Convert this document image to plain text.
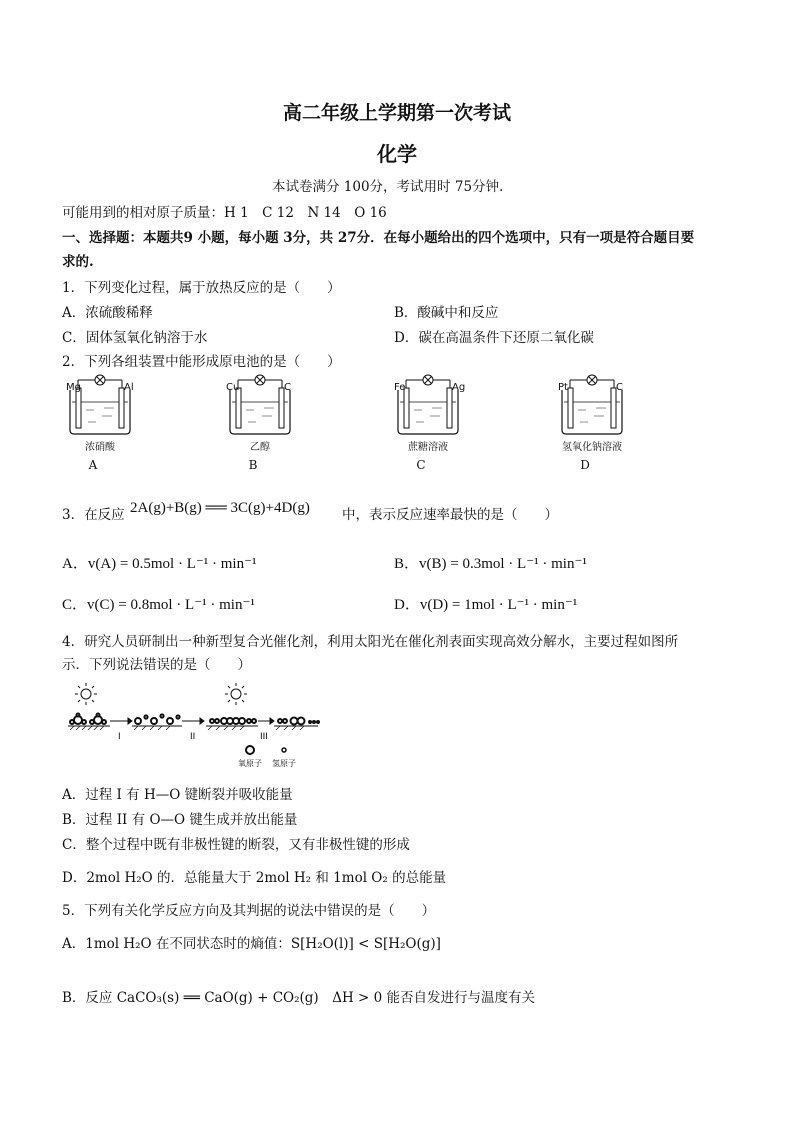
高二年级上学期第一次考试
化学
本试卷满分 100分，考试用时 75分钟.
可能用到的相对原子质量：H 1　C 12　N 14　O 16
一、选择题：本题共9 小题，每小题 3分，共 27分．在每小题给出的四个选项中，只有一项是符合题目要
求的.
1．下列变化过程，属于放热反应的是（　　）
A．浓硫酸稀释	B．酸碱中和反应
C．固体氢氧化钠溶于水	D．碳在高温条件下还原二氧化碳
2．下列各组装置中能形成原电池的是（　　）
Mg	Al
浓硝酸
A
Cu	C
乙醇
B
Fe	Ag
蔗糖溶液
C
Pt	C
氢氧化钠溶液
D
3．在反应 2A(g)+B(g) ══ 3C(g)+4D(g) 中，表示反应速率最快的是（　　）
A．v(A) = 0.5mol · L⁻¹ · min⁻¹	B．v(B) = 0.3mol · L⁻¹ · min⁻¹
C．v(C) = 0.8mol · L⁻¹ · min⁻¹	D．v(D) = 1mol · L⁻¹ · min⁻¹
4．研究人员研制出一种新型复合光催化剂，利用太阳光在催化剂表面实现高效分解水，主要过程如图所
示．下列说法错误的是（　　）
I	II	III
氧原子 氢原子
A．过程 I 有 H—O 键断裂并吸收能量
B．过程 II 有 O—O 键生成并放出能量
C．整个过程中既有非极性键的断裂，又有非极性键的形成
D．2mol H₂O 的．总能量大于 2mol H₂ 和 1mol O₂ 的总能量
5．下列有关化学反应方向及其判据的说法中错误的是（　　）
A．1mol H₂O 在不同状态时的熵值：S[H₂O(l)] < S[H₂O(g)]
B．反应 CaCO₃(s) ══ CaO(g) + CO₂(g)　ΔH > 0 能否自发进行与温度有关
